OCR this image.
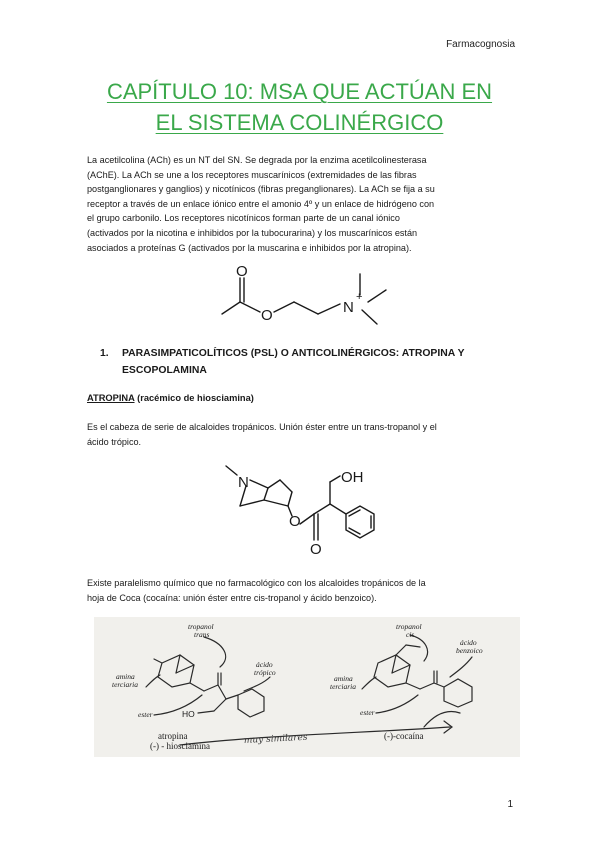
Farmacognosia
CAPÍTULO 10: MSA QUE ACTÚAN EN
EL SISTEMA COLINÉRGICO
La acetilcolina (ACh) es un NT del SN. Se degrada por la enzima acetilcolinesterasa
(AChE). La ACh se une a los receptores muscarínicos (extremidades de las fibras
postganglionares y ganglios) y nicotínicos (fibras preganglionares). La ACh se fija a su
receptor a través de un enlace iónico entre el amonio 4º y un enlace de hidrógeno con
el grupo carbonilo. Los receptores nicotínicos forman parte de un canal iónico
(activados por la nicotina e inhibidos por la tubocurarina) y los muscarínicos están
asociados a proteínas G (activados por la muscarina e inhibidos por la atropina).
O
O	N
+
1.	PARASIMPATICOLÍTICOS (PSL) O ANTICOLINÉRGICOS: ATROPINA Y
ESCOPOLAMINA

ATROPINA (racémico de hiosciamina)

Es el cabeza de serie de alcaloides tropánicos. Unión éster entre un trans-tropanol y el
ácido trópico.
N	OH
O
O
Existe paralelismo químico que no farmacológico con los alcaloides tropánicos de la
hoja de Coca (cocaína: unión éster entre cis-tropanol y ácido benzoico).
tropanol
trans
amina
terciaria
ácido
trópico
ester	HO
atropina
(-) - hiosciamina
tropanol
cis
ácido
benzoico
amina
terciaria
ester
(-)-cocaína
muy similares
1
